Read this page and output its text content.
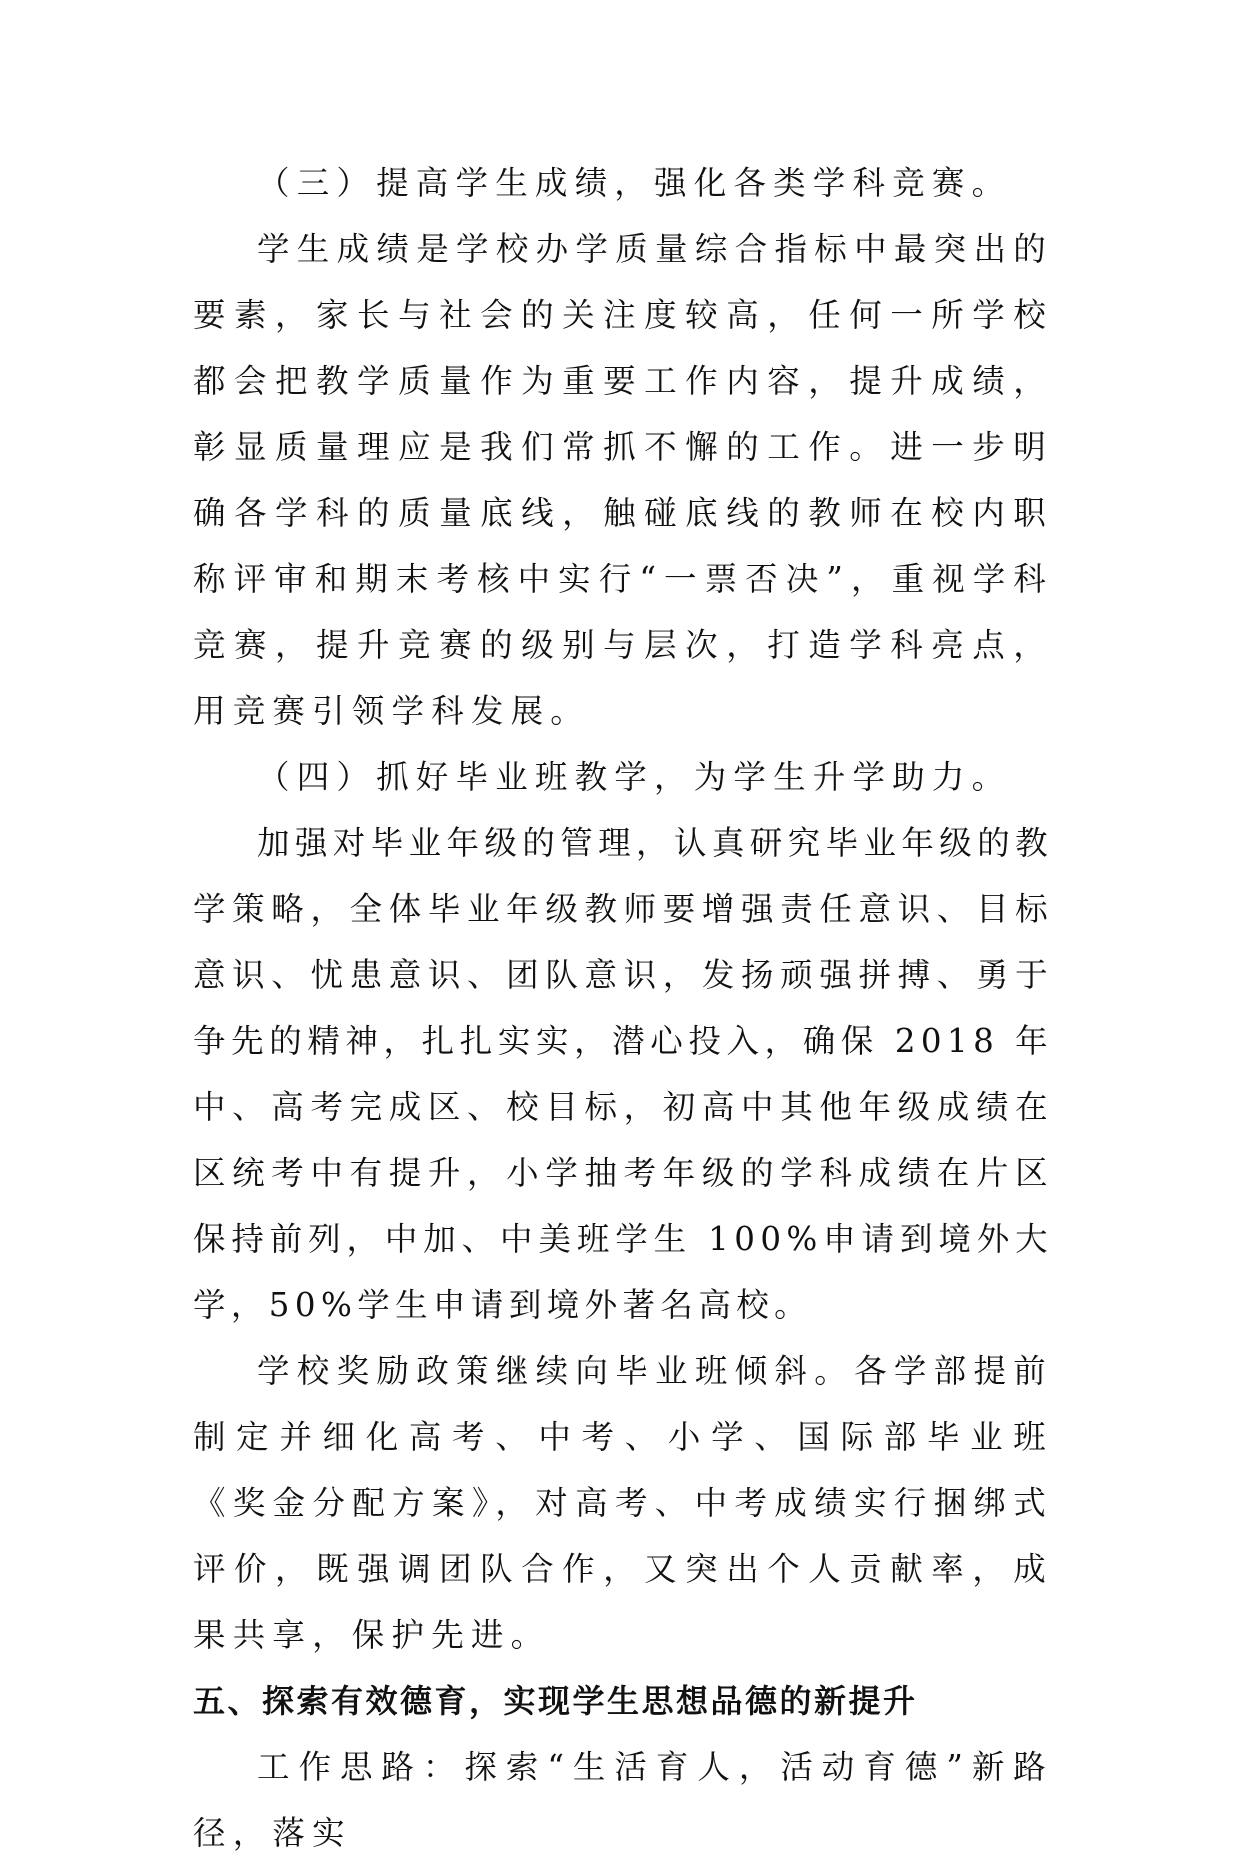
（三）提高学生成绩，强化各类学科竞赛。

学生成绩是学校办学质量综合指标中最突出的要素，家长与社会的关注度较高，任何一所学校都会把教学质量作为重要工作内容，提升成绩，彰显质量理应是我们常抓不懈的工作。进一步明确各学科的质量底线，触碰底线的教师在校内职称评审和期末考核中实行“一票否决”，重视学科竞赛，提升竞赛的级别与层次，打造学科亮点，用竞赛引领学科发展。

（四）抓好毕业班教学，为学生升学助力。

加强对毕业年级的管理，认真研究毕业年级的教学策略，全体毕业年级教师要增强责任意识、目标意识、忧患意识、团队意识，发扬顽强拼搏、勇于争先的精神，扎扎实实，潜心投入，确保 2018 年中、高考完成区、校目标，初高中其他年级成绩在区统考中有提升，小学抽考年级的学科成绩在片区保持前列，中加、中美班学生 100%申请到境外大学，50%学生申请到境外著名高校。

学校奖励政策继续向毕业班倾斜。各学部提前制定并细化高考、中考、小学、国际部毕业班《奖金分配方案》，对高考、中考成绩实行捆绑式评价，既强调团队合作，又突出个人贡献率，成果共享，保护先进。

五、探索有效德育，实现学生思想品德的新提升

工作思路：探索“生活育人，活动育德”新路径，落实
